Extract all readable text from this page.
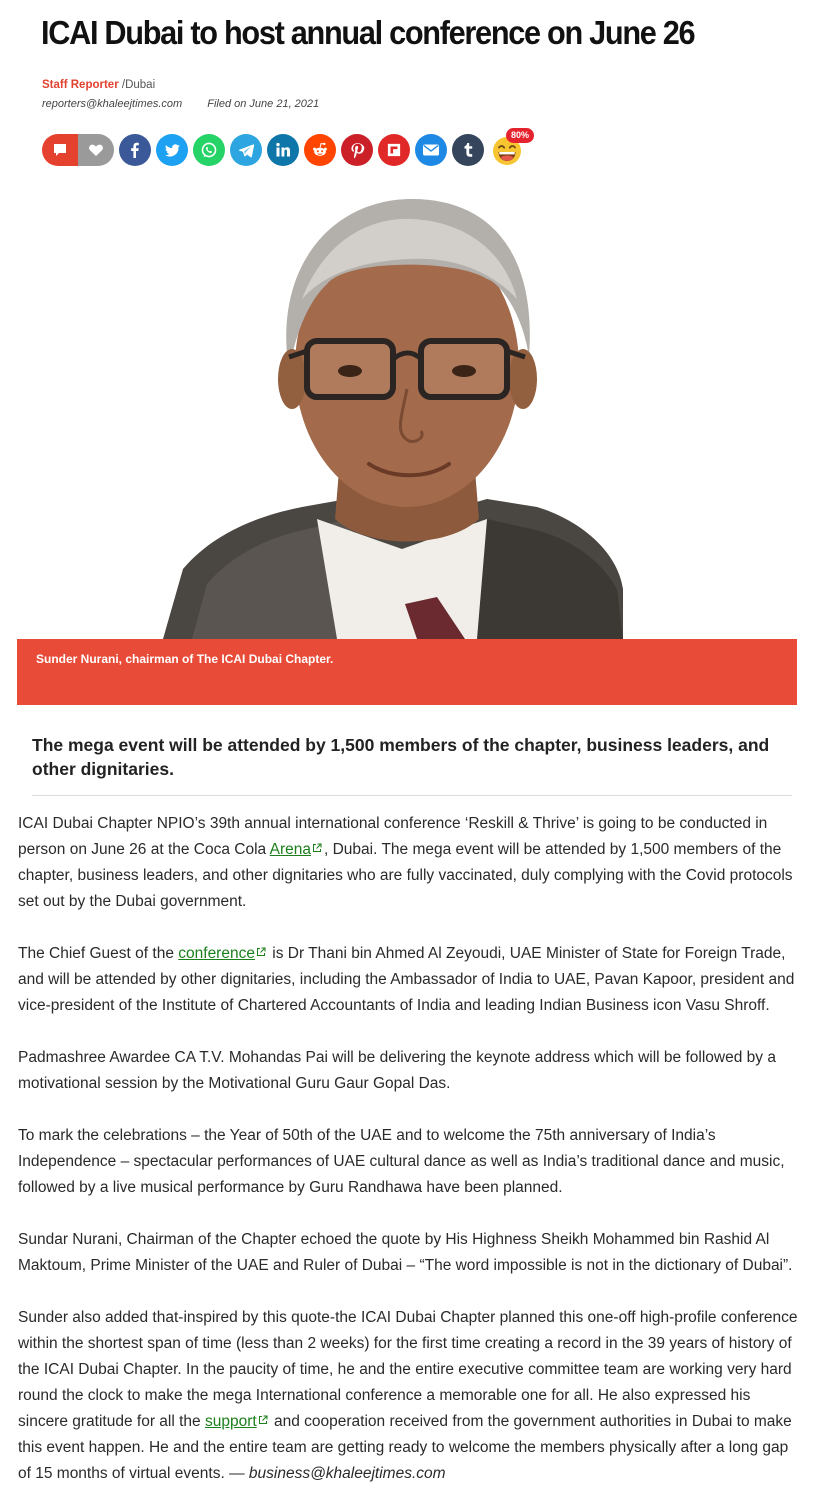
ICAI Dubai to host annual conference on June 26
Staff Reporter /Dubai
reporters@khaleejtimes.com Filed on June 21, 2021
80%
Sunder Nurani, chairman of The ICAI Dubai Chapter.

The mega event will be attended by 1,500 members of the chapter, business leaders, and other dignitaries.

ICAI Dubai Chapter NPIO’s 39th annual international conference ‘Reskill & Thrive’ is going to be conducted in person on June 26 at the Coca Cola Arena , Dubai. The mega event will be attended by 1,500 members of the chapter, business leaders, and other dignitaries who are fully vaccinated, duly complying with the Covid protocols set out by the Dubai government.

The Chief Guest of the conference is Dr Thani bin Ahmed Al Zeyoudi, UAE Minister of State for Foreign Trade, and will be attended by other dignitaries, including the Ambassador of India to UAE, Pavan Kapoor, president and vice-president of the Institute of Chartered Accountants of India and leading Indian Business icon Vasu Shroff.

Padmashree Awardee CA T.V. Mohandas Pai will be delivering the keynote address which will be followed by a motivational session by the Motivational Guru Gaur Gopal Das.

To mark the celebrations – the Year of 50th of the UAE and to welcome the 75th anniversary of India’s Independence – spectacular performances of UAE cultural dance as well as India’s traditional dance and music, followed by a live musical performance by Guru Randhawa have been planned.

Sundar Nurani, Chairman of the Chapter echoed the quote by His Highness Sheikh Mohammed bin Rashid Al Maktoum, Prime Minister of the UAE and Ruler of Dubai – “The word impossible is not in the dictionary of Dubai”.

Sunder also added that-inspired by this quote-the ICAI Dubai Chapter planned this one-off high-profile conference within the shortest span of time (less than 2 weeks) for the first time creating a record in the 39 years of history of the ICAI Dubai Chapter. In the paucity of time, he and the entire executive committee team are working very hard round the clock to make the mega International conference a memorable one for all. He also expressed his sincere gratitude for all the support and cooperation received from the government authorities in Dubai to make this event happen. He and the entire team are getting ready to welcome the members physically after a long gap of 15 months of virtual events. — business@khaleejtimes.com
